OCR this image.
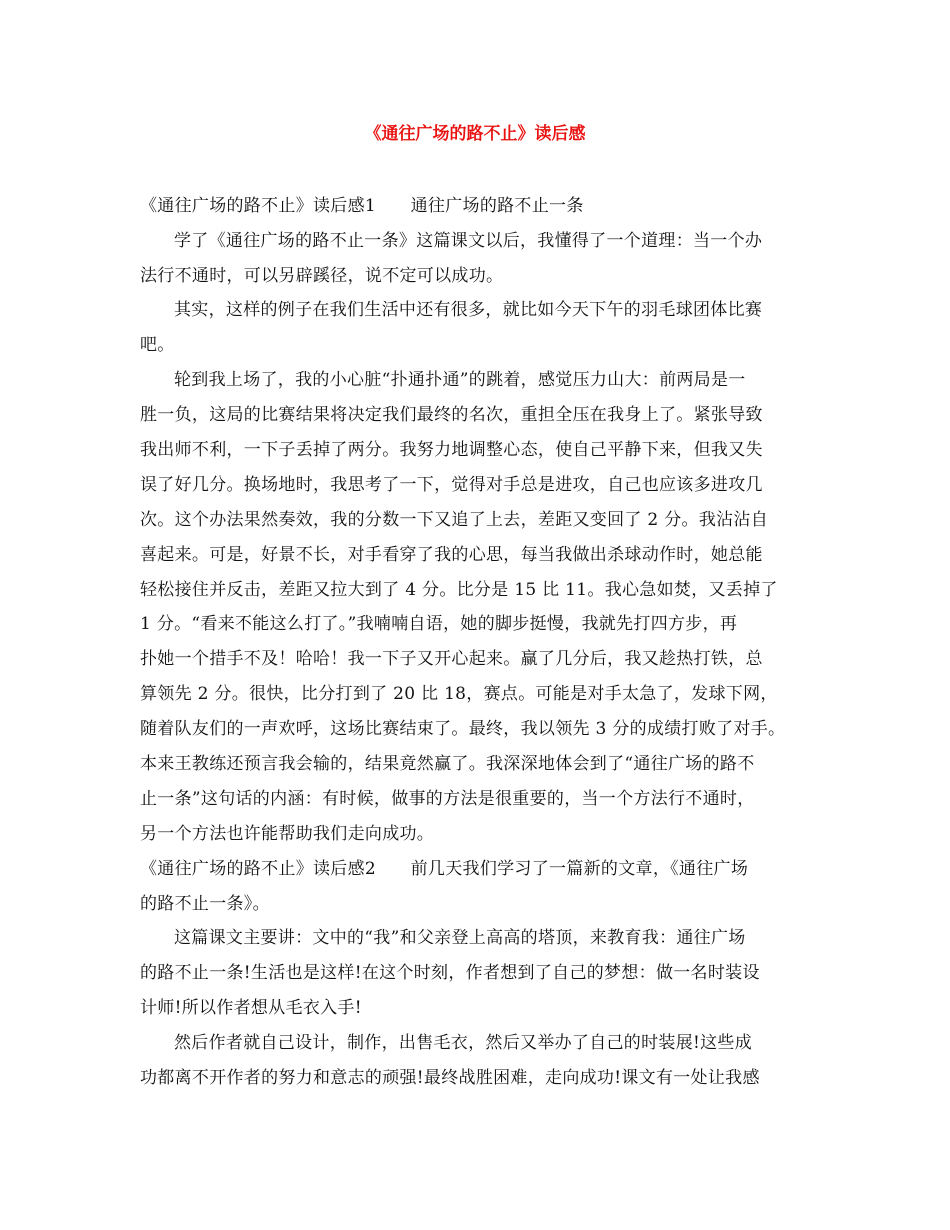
《通往广场的路不止》读后感
《通往广场的路不止》读后感1　　通往广场的路不止一条
学了《通往广场的路不止一条》这篇课文以后，我懂得了一个道理：当一个办
法行不通时，可以另辟蹊径，说不定可以成功。
其实，这样的例子在我们生活中还有很多，就比如今天下午的羽毛球团体比赛
吧。
轮到我上场了，我的小心脏“扑通扑通”的跳着，感觉压力山大：前两局是一
胜一负，这局的比赛结果将决定我们最终的名次，重担全压在我身上了。紧张导致
我出师不利，一下子丢掉了两分。我努力地调整心态，使自己平静下来，但我又失
误了好几分。换场地时，我思考了一下，觉得对手总是进攻，自己也应该多进攻几
次。这个办法果然奏效，我的分数一下又追了上去，差距又变回了 2 分。我沾沾自
喜起来。可是，好景不长，对手看穿了我的心思，每当我做出杀球动作时，她总能
轻松接住并反击，差距又拉大到了 4 分。比分是 15 比 11。我心急如焚，又丢掉了
1 分。“看来不能这么打了。”我喃喃自语，她的脚步挺慢，我就先打四方步，再
扑她一个措手不及！哈哈！我一下子又开心起来。赢了几分后，我又趁热打铁，总
算领先 2 分。很快，比分打到了 20 比 18，赛点。可能是对手太急了，发球下网，
随着队友们的一声欢呼，这场比赛结束了。最终，我以领先 3 分的成绩打败了对手。
本来王教练还预言我会输的，结果竟然赢了。我深深地体会到了“通往广场的路不
止一条”这句话的内涵：有时候，做事的方法是很重要的，当一个方法行不通时，
另一个方法也许能帮助我们走向成功。
《通往广场的路不止》读后感2　　前几天我们学习了一篇新的文章，《通往广场
的路不止一条》。
这篇课文主要讲：文中的“我”和父亲登上高高的塔顶，来教育我：通往广场
的路不止一条!生活也是这样!在这个时刻，作者想到了自己的梦想：做一名时装设
计师!所以作者想从毛衣入手!
然后作者就自己设计，制作，出售毛衣，然后又举办了自己的时装展!这些成
功都离不开作者的努力和意志的顽强!最终战胜困难，走向成功!课文有一处让我感
